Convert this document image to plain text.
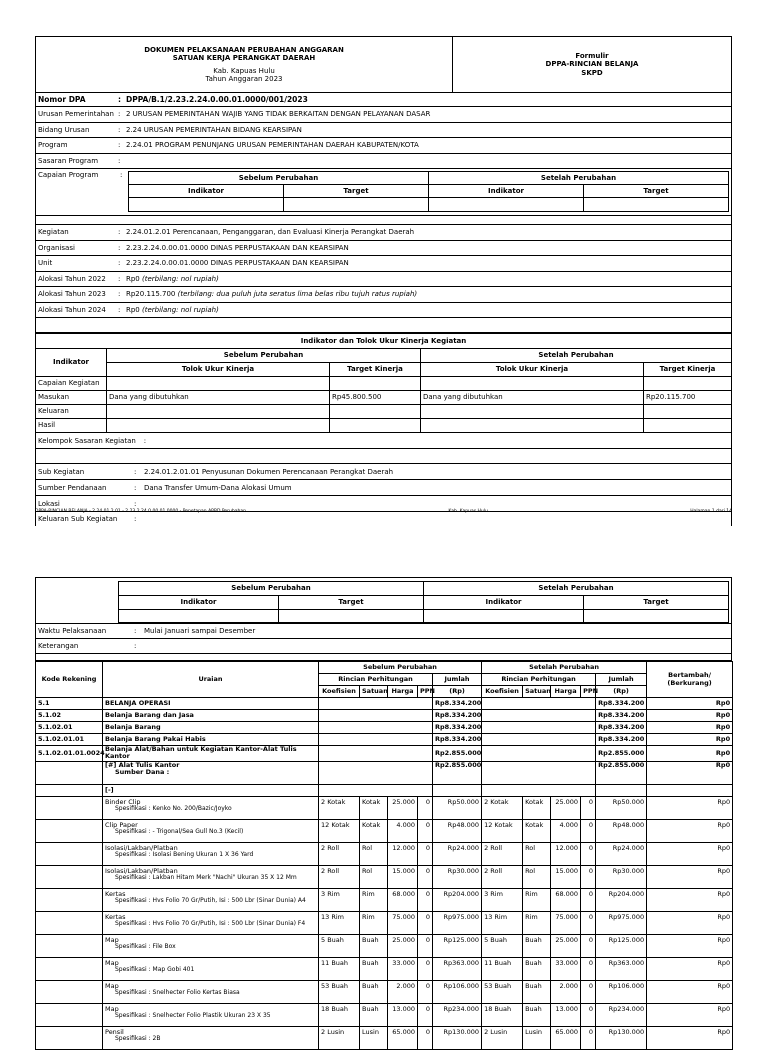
DOKUMEN PELAKSANAAN PERUBAHAN ANGGARAN
SATUAN KERJA PERANGKAT DAERAH
Kab. Kapuas Hulu
Tahun Anggaran 2023

Formulir
DPPA-RINCIAN BELANJA
SKPD
Nomor DPA	: DPPA/B.1/2.23.2.24.0.00.01.0000/001/2023
Urusan Pemerintahan : 2 URUSAN PEMERINTAHAN WAJIB YANG TIDAK BERKAITAN DENGAN PELAYANAN DASAR
Bidang Urusan	: 2.24 URUSAN PEMERINTAHAN BIDANG KEARSIPAN
Program	: 2.24.01 PROGRAM PENUNJANG URUSAN PEMERINTAHAN DAERAH KABUPATEN/KOTA
Sasaran Program	:
Capaian Program	:	Sebelum Perubahan		Setelah Perubahan	
Indikator	Target	Indikator	Target

Kegiatan	: 2.24.01.2.01 Perencanaan, Penganggaran, dan Evaluasi Kinerja Perangkat Daerah
Organisasi	: 2.23.2.24.0.00.01.0000 DINAS PERPUSTAKAAN DAN KEARSIPAN
Unit	: 2.23.2.24.0.00.01.0000 DINAS PERPUSTAKAAN DAN KEARSIPAN
Alokasi Tahun 2022	: Rp0 (terbilang: nol rupiah)
Alokasi Tahun 2023	: Rp20.115.700 (terbilang: dua puluh juta seratus lima belas ribu tujuh ratus rupiah)
Alokasi Tahun 2024	: Rp0 (terbilang: nol rupiah)
Indikator dan Tolok Ukur Kinerja Kegiatan				
Indikator	Sebelum Perubahan		Setelah Perubahan	
	Tolok Ukur Kinerja	Target Kinerja	Tolok Ukur Kinerja	Target Kinerja
Capaian Kegiatan				
Masukan	Dana yang dibutuhkan	Rp45.800.500	Dana yang dibutuhkan	Rp20.115.700
Keluaran				
Hasil				
Kelompok Sasaran Kegiatan :
Sub Kegiatan	:	2.24.01.2.01.01 Penyusunan Dokumen Perencanaan Perangkat Daerah
Sumber Pendanaan	:	Dana Transfer Umum-Dana Alokasi Umum
Lokasi	:
Keluaran Sub Kegiatan	:
DPPA-RINCIAN BELANJA - 2.24.01.2.01 - 2.23.2.24.0.00.01.0000 - Penetapan APBD Perubahan	Kab. Kapuas Hulu	Halaman 1 dari 14
Sebelum Perubahan		Setelah Perubahan	
Indikator	Target	Indikator	Target

Waktu Pelaksanaan	:	Mulai Januari sampai Desember
Keterangan	:
Kode Rekening	Uraian	Sebelum Perubahan					Setelah Perubahan					Bertambah/
(Berkurang)

		Rincian Perhitungan				Jumlah	Rincian Perhitungan				Jumlah	
		Koefisien	Satuan	Harga	PPN	(Rp)	Koefisien	Satuan	Harga	PPN	(Rp)	
5.1	BELANJA OPERASI					Rp8.334.200					Rp8.334.200	Rp0
5.1.02	Belanja Barang dan Jasa					Rp8.334.200					Rp8.334.200	Rp0
5.1.02.01	Belanja Barang					Rp8.334.200					Rp8.334.200	Rp0
5.1.02.01.01	Belanja Barang Pakai Habis					Rp8.334.200					Rp8.334.200	Rp0
5.1.02.01.01.0024	Belanja Alat/Bahan untuk Kegiatan Kantor-Alat Tulis Kantor					Rp2.855.000					Rp2.855.000	Rp0

	[#] Alat Tulis Kantor
Sumber Dana :					Rp2.855.000					Rp2.855.000	Rp0
	[-]											

	Binder Clip
Spesifikasi : Kenko No. 200/Bazic/Joyko	2 Kotak	Kotak	25.000	0	Rp50.000	2 Kotak	Kotak	25.000	0	Rp50.000	Rp0

	Clip Paper
Spesifikasi : - Trigonal/Sea Gull No.3 (Kecil)	12 Kotak	Kotak	4.000	0	Rp48.000	12 Kotak	Kotak	4.000	0	Rp48.000	Rp0

	Isolasi/Lakban/Platban
Spesifikasi : Isolasi Bening Ukuran 1 X 36 Yard	2 Roll	Rol	12.000	0	Rp24.000	2 Roll	Rol	12.000	0	Rp24.000	Rp0

	Isolasi/Lakban/Platban
Spesifikasi : Lakban Hitam Merk "Nachi" Ukuran 35 X 12 Mm	2 Roll	Rol	15.000	0	Rp30.000	2 Roll	Rol	15.000	0	Rp30.000	Rp0

	Kertas
Spesifikasi : Hvs Folio 70 Gr/Putih, Isi : 500 Lbr (Sinar Dunia) A4	3 Rim	Rim	68.000	0	Rp204.000	3 Rim	Rim	68.000	0	Rp204.000	Rp0

	Kertas
Spesifikasi : Hvs Folio 70 Gr/Putih, Isi : 500 Lbr (Sinar Dunia) F4	13 Rim	Rim	75.000	0	Rp975.000	13 Rim	Rim	75.000	0	Rp975.000	Rp0

	Map
Spesifikasi : File Box	5 Buah	Buah	25.000	0	Rp125.000	5 Buah	Buah	25.000	0	Rp125.000	Rp0

	Map
Spesifikasi : Map Gobi 401	11 Buah	Buah	33.000	0	Rp363.000	11 Buah	Buah	33.000	0	Rp363.000	Rp0

	Map
Spesifikasi : Snelhecter Folio Kertas Biasa	53 Buah	Buah	2.000	0	Rp106.000	53 Buah	Buah	2.000	0	Rp106.000	Rp0

	Map
Spesifikasi : Snelhecter Folio Plastik Ukuran 23 X 35	18 Buah	Buah	13.000	0	Rp234.000	18 Buah	Buah	13.000	0	Rp234.000	Rp0

	Pensil
Spesifikasi : 2B	2 Lusin	Lusin	65.000	0	Rp130.000	2 Lusin	Lusin	65.000	0	Rp130.000	Rp0
